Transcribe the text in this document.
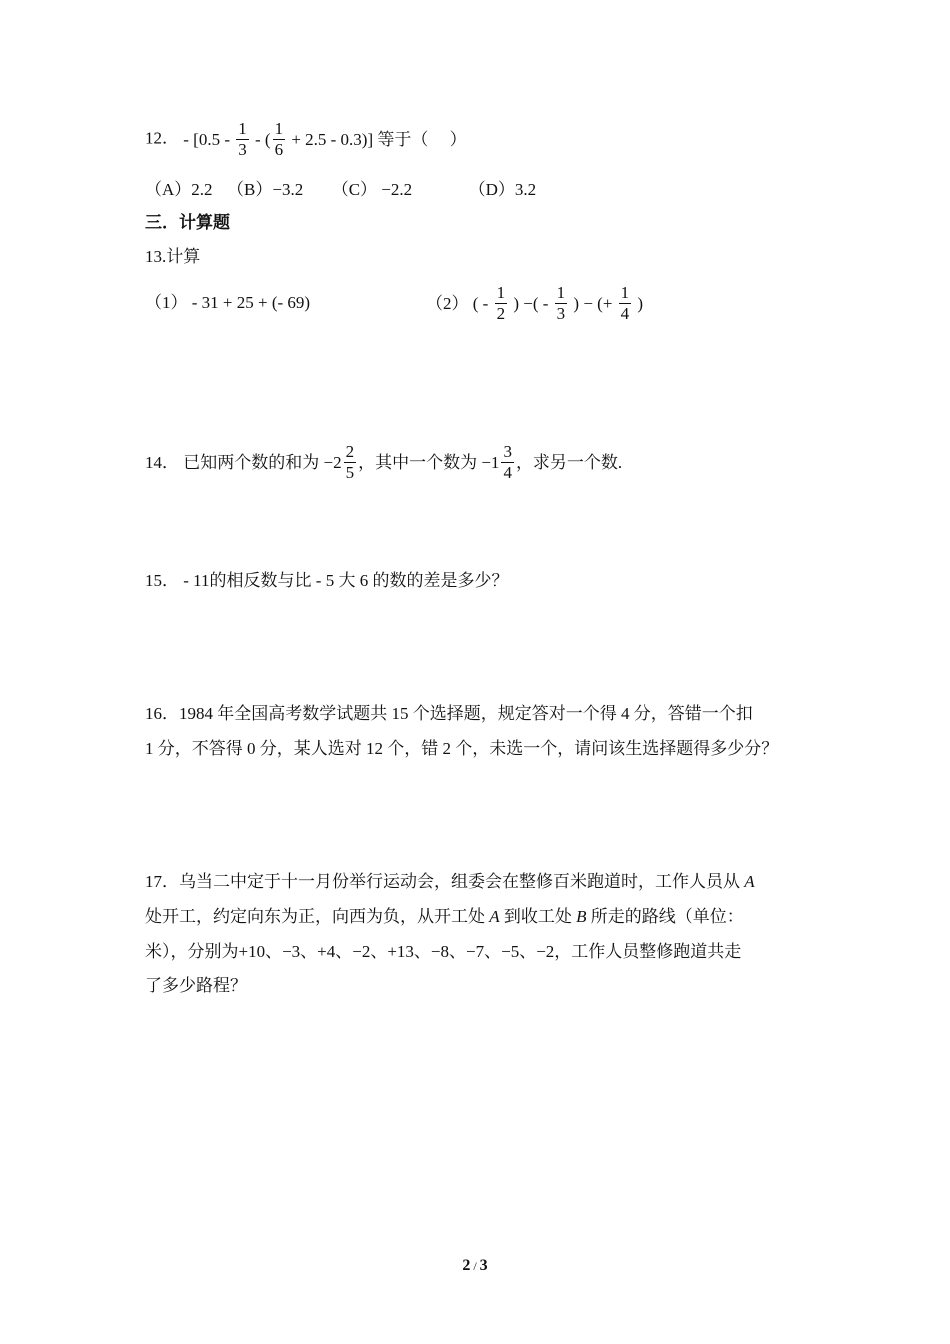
12． - [$0.5 - \frac{1}{3}$ - ( $\frac{1}{6} + 2.5 - 0.3$)] 等于（　 ）
（A）2.2 （B）−3.2 （C） −2.2	（D）3.2
三．计算题
13.计算
（1） - 31 + 25 + (- 69)	（2） ( - $\frac{1}{2}$ ) −( - $\frac{1}{3}$ ) − (+ $\frac{1}{4}$ )
14． 已知两个数的和为 $-2 \frac{2}{5}$ ，其中一个数为 $-1 \frac{3}{4}$ ，求另一个数.
15． - 11的相反数与比 - 5 大 6 的数的差是多少？
16．1984 年全国高考数学试题共 15 个选择题，规定答对一个得 4 分，答错一个扣
1 分，不答得 0 分，某人选对 12 个，错 2 个，未选一个，请问该生选择题得多少分？
17．乌当二中定于十一月份举行运动会，组委会在整修百米跑道时，工作人员从 A
处开工，约定向东为正，向西为负，从开工处 A 到收工处 B 所走的路线（单位：
米），分别为+10、−3、+4、−2、+13、−8、−7、−5、−2，工作人员整修跑道共走
了多少路程？
2 / 3
